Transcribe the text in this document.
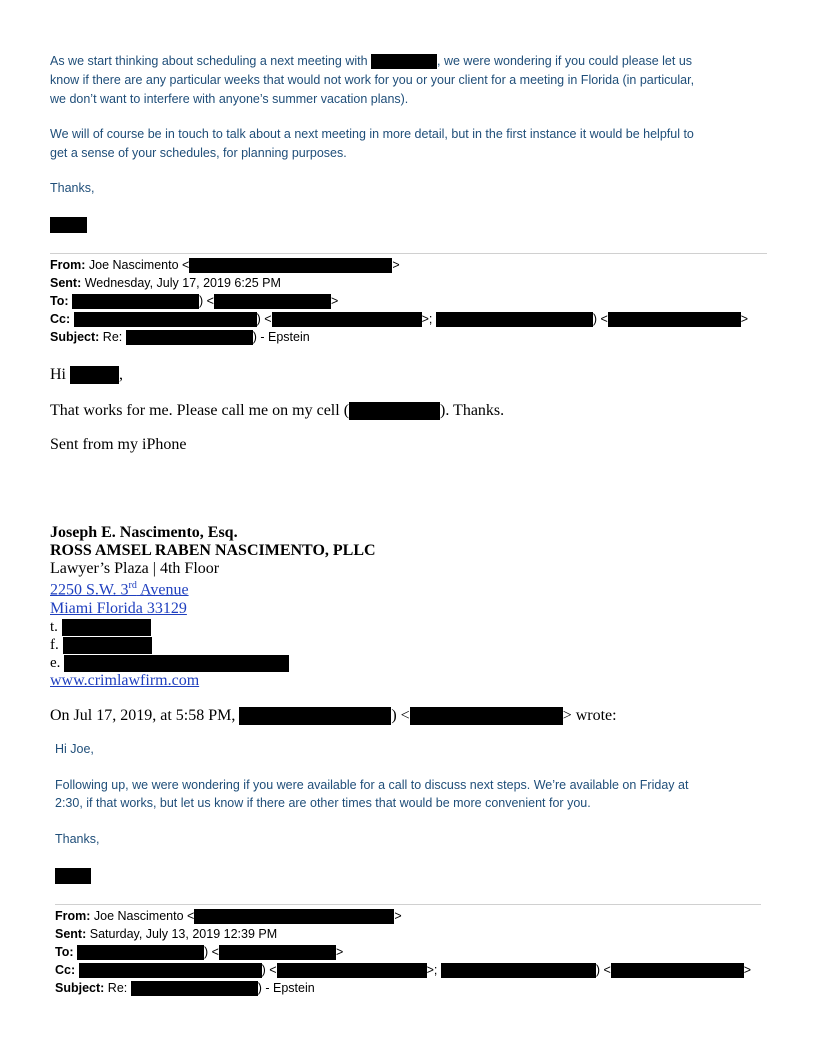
As we start thinking about scheduling a next meeting with	, we were wondering if you could please let us
know if there are any particular weeks that would not work for you or your client for a meeting in Florida (in particular,
we don’t want to interfere with anyone’s summer vacation plans).
We will of course be in touch to talk about a next meeting in more detail, but in the first instance it would be helpful to
get a sense of your schedules, for planning purposes.
Thanks,
From: Joe Nascimento <	>
Sent: Wednesday, July 17, 2019 6:25 PM
To:	) <	>
Cc:	) <	>;	) <	>
Subject: Re:	) - Epstein
Hi	,
That works for me. Please call me on my cell (	). Thanks.
Sent from my iPhone
Joseph E. Nascimento, Esq.
ROSS AMSEL RABEN NASCIMENTO, PLLC
Lawyer’s Plaza | 4th Floor
2250 S.W. 3rd Avenue
Miami Florida 33129
t.
f.
e.
www.crimlawfirm.com
On Jul 17, 2019, at 5:58 PM,	) <	> wrote:
Hi Joe,
Following up, we were wondering if you were available for a call to discuss next steps. We’re available on Friday at
2:30, if that works, but let us know if there are other times that would be more convenient for you.
Thanks,
From: Joe Nascimento <	>
Sent: Saturday, July 13, 2019 12:39 PM
To:	) <	>
Cc:	) <	>;	) <	>
Subject: Re:	) - Epstein
